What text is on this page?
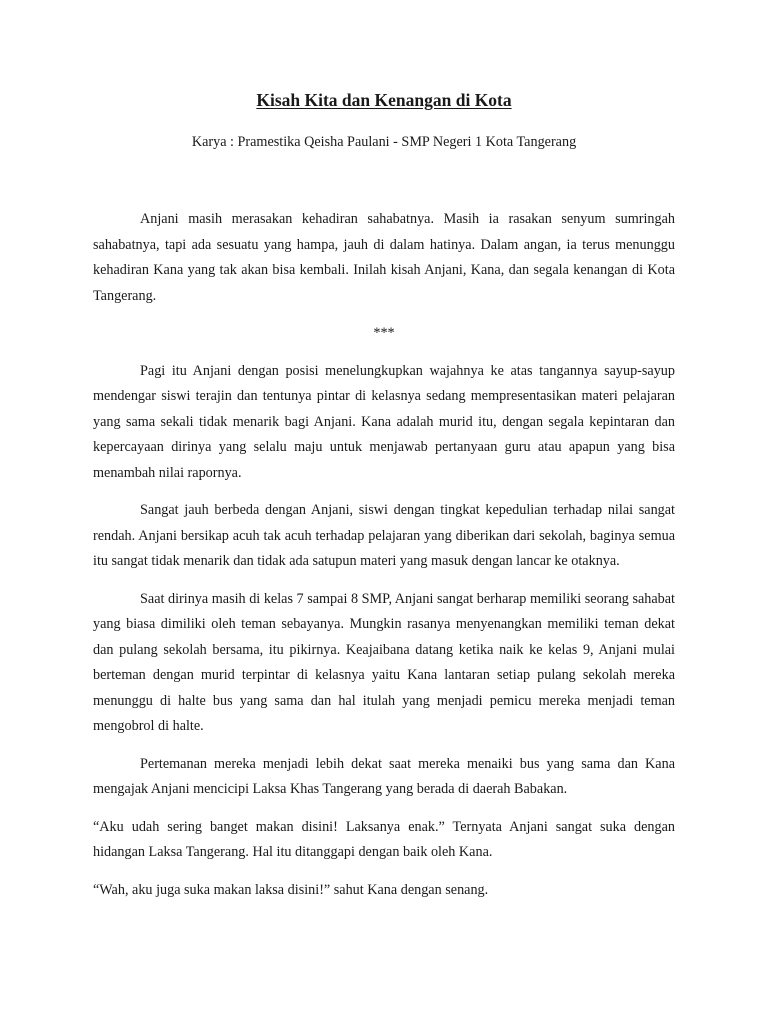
Kisah Kita dan Kenangan di Kota

Karya : Pramestika Qeisha Paulani - SMP Negeri 1 Kota Tangerang

Anjani masih merasakan kehadiran sahabatnya. Masih ia rasakan senyum sumringah sahabatnya, tapi ada sesuatu yang hampa, jauh di dalam hatinya. Dalam angan, ia terus menunggu kehadiran Kana yang tak akan bisa kembali. Inilah kisah Anjani, Kana, dan segala kenangan di Kota Tangerang.

***

Pagi itu Anjani dengan posisi menelungkupkan wajahnya ke atas tangannya sayup-sayup mendengar siswi terajin dan tentunya pintar di kelasnya sedang mempresentasikan materi pelajaran yang sama sekali tidak menarik bagi Anjani. Kana adalah murid itu, dengan segala kepintaran dan kepercayaan dirinya yang selalu maju untuk menjawab pertanyaan guru atau apapun yang bisa menambah nilai rapornya.

Sangat jauh berbeda dengan Anjani, siswi dengan tingkat kepedulian terhadap nilai sangat rendah. Anjani bersikap acuh tak acuh terhadap pelajaran yang diberikan dari sekolah, baginya semua itu sangat tidak menarik dan tidak ada satupun materi yang masuk dengan lancar ke otaknya.

Saat dirinya masih di kelas 7 sampai 8 SMP, Anjani sangat berharap memiliki seorang sahabat yang biasa dimiliki oleh teman sebayanya. Mungkin rasanya menyenangkan memiliki teman dekat dan pulang sekolah bersama, itu pikirnya. Keajaibana datang ketika naik ke kelas 9, Anjani mulai berteman dengan murid terpintar di kelasnya yaitu Kana lantaran setiap pulang sekolah mereka menunggu di halte bus yang sama dan hal itulah yang menjadi pemicu mereka menjadi teman mengobrol di halte.

Pertemanan mereka menjadi lebih dekat saat mereka menaiki bus yang sama dan Kana mengajak Anjani mencicipi Laksa Khas Tangerang yang berada di daerah Babakan.

“Aku udah sering banget makan disini! Laksanya enak.” Ternyata Anjani sangat suka dengan hidangan Laksa Tangerang. Hal itu ditanggapi dengan baik oleh Kana.

“Wah, aku juga suka makan laksa disini!” sahut Kana dengan senang.
